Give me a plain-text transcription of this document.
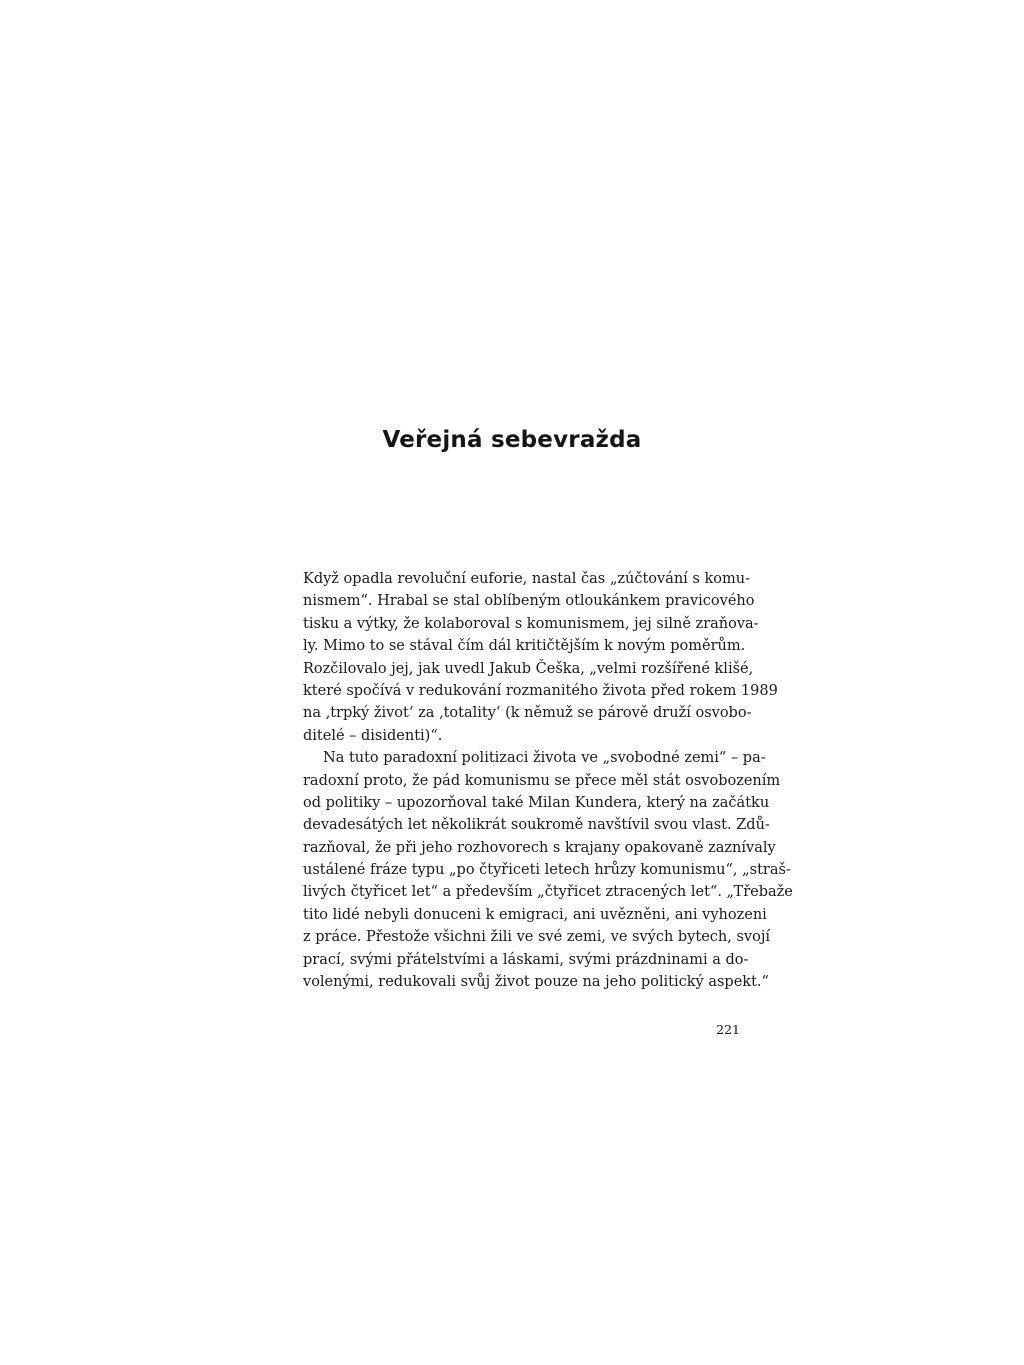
Veřejná sebevražda
Když opadla revoluční euforie, nastal čas „zúčtování s komu-
nismem“. Hrabal se stal oblíbeným otloukánkem pravicového
tisku a výtky, že kolaboroval s komunismem, jej silně zraňova-
ly. Mimo to se stával čím dál kritičtějším k novým poměrům.
Rozčilovalo jej, jak uvedl Jakub Češka, „velmi rozšířené klišé,
které spočívá v redukování rozmanitého života před rokem 1989
na ‚trpký život‘ za ‚totality‘ (k němuž se párově druží osvobo-
ditelé – disidenti)“.
Na tuto paradoxní politizaci života ve „svobodné zemi“ – pa-
radoxní proto, že pád komunismu se přece měl stát osvobozením
od politiky – upozorňoval také Milan Kundera, který na začátku
devadesátých let několikrát soukromě navštívil svou vlast. Zdů-
razňoval, že při jeho rozhovorech s krajany opakovaně zaznívaly
ustálené fráze typu „po čtyřiceti letech hrůzy komunismu“, „straš-
livých čtyřicet let“ a především „čtyřicet ztracených let“. „Třebaže
tito lidé nebyli donuceni k emigraci, ani uvězněni, ani vyhozeni
z práce. Přestože všichni žili ve své zemi, ve svých bytech, svojí
prací, svými přátelstvími a láskami, svými prázdninami a do-
volenými, redukovali svůj život pouze na jeho politický aspekt.“
221
